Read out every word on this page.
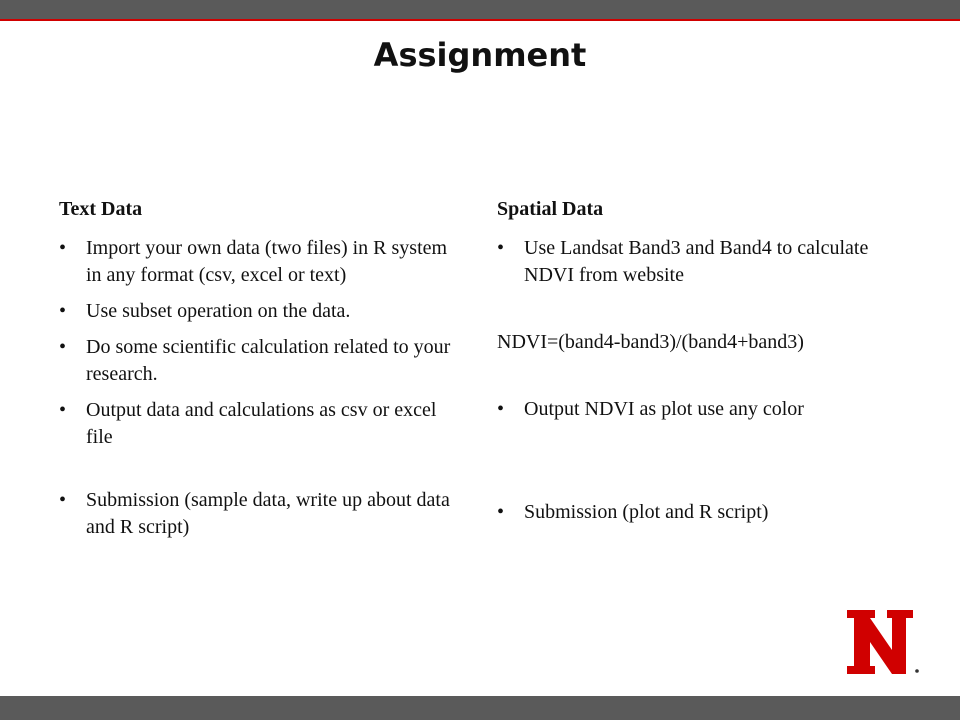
Assignment
Text Data
• Import your own data (two files) in R system in any format (csv, excel or text)
• Use subset operation on the data.
• Do some scientific calculation related to your research.
• Output data and calculations as csv or excel file
• Submission (sample data, write up about data and R script)
Spatial Data
• Use Landsat Band3 and Band4 to calculate NDVI from website
NDVI=(band4-band3)/(band4+band3)
• Output NDVI as plot use any color
• Submission (plot and R script)
